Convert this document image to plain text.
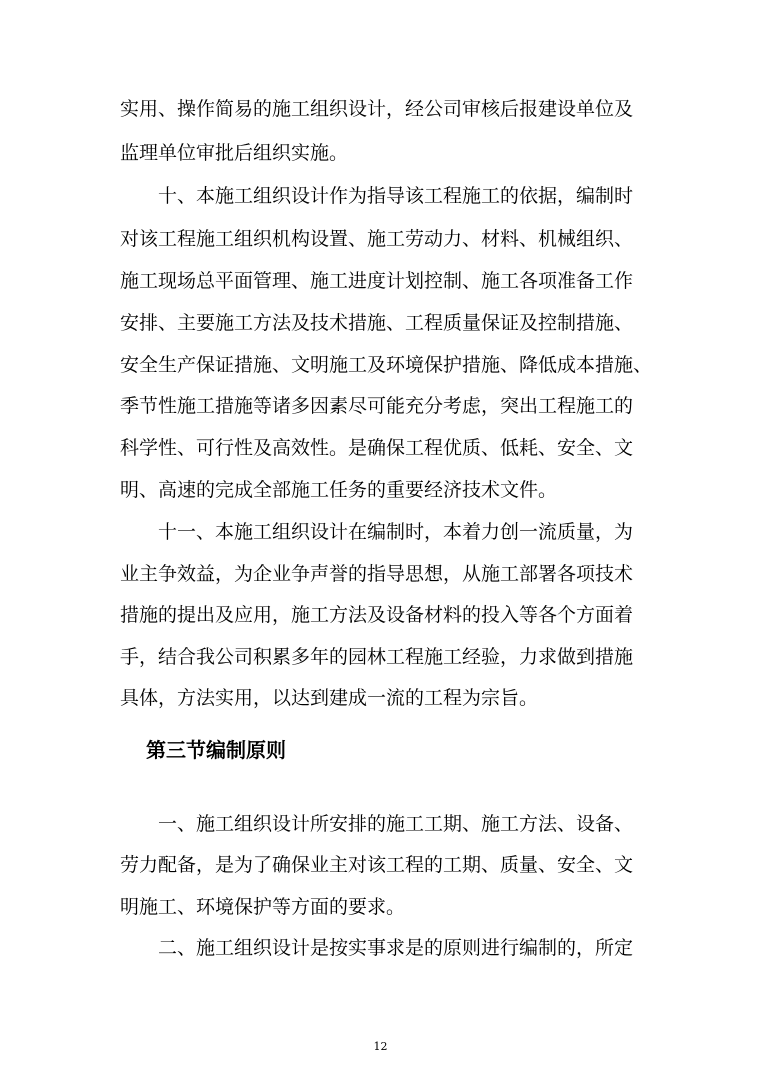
实用、操作简易的施工组织设计，经公司审核后报建设单位及
监理单位审批后组织实施。
十、本施工组织设计作为指导该工程施工的依据，编制时
对该工程施工组织机构设置、施工劳动力、材料、机械组织、
施工现场总平面管理、施工进度计划控制、施工各项准备工作
安排、主要施工方法及技术措施、工程质量保证及控制措施、
安全生产保证措施、文明施工及环境保护措施、降低成本措施、
季节性施工措施等诸多因素尽可能充分考虑，突出工程施工的
科学性、可行性及高效性。是确保工程优质、低耗、安全、文
明、高速的完成全部施工任务的重要经济技术文件。
十一、本施工组织设计在编制时，本着力创一流质量，为
业主争效益，为企业争声誉的指导思想，从施工部署各项技术
措施的提出及应用，施工方法及设备材料的投入等各个方面着
手，结合我公司积累多年的园林工程施工经验，力求做到措施
具体，方法实用，以达到建成一流的工程为宗旨。
第三节编制原则
一、施工组织设计所安排的施工工期、施工方法、设备、
劳力配备，是为了确保业主对该工程的工期、质量、安全、文
明施工、环境保护等方面的要求。
二、施工组织设计是按实事求是的原则进行编制的，所定
12
